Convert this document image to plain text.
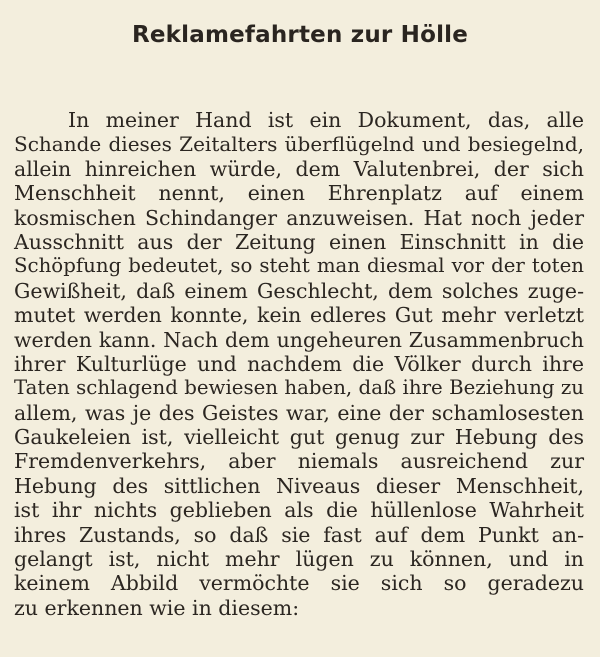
Reklamefahrten zur Hölle
In meiner Hand ist ein Dokument, das, alle
Schande dieses Zeitalters überflügelnd und besiegelnd,
allein hinreichen würde, dem Valutenbrei, der sich
Menschheit nennt, einen Ehrenplatz auf einem
kosmischen Schindanger anzuweisen. Hat noch jeder
Ausschnitt aus der Zeitung einen Einschnitt in die
Schöpfung bedeutet, so steht man diesmal vor der toten
Gewißheit, daß einem Geschlecht, dem solches zuge-
mutet werden konnte, kein edleres Gut mehr verletzt
werden kann. Nach dem ungeheuren Zusammenbruch
ihrer Kulturlüge und nachdem die Völker durch ihre
Taten schlagend bewiesen haben, daß ihre Beziehung zu
allem, was je des Geistes war, eine der schamlosesten
Gaukeleien ist, vielleicht gut genug zur Hebung des
Fremdenverkehrs, aber niemals ausreichend zur
Hebung des sittlichen Niveaus dieser Menschheit,
ist ihr nichts geblieben als die hüllenlose Wahrheit
ihres Zustands, so daß sie fast auf dem Punkt an-
gelangt ist, nicht mehr lügen zu können, und in
keinem Abbild vermöchte sie sich so geradezu
zu erkennen wie in diesem:
